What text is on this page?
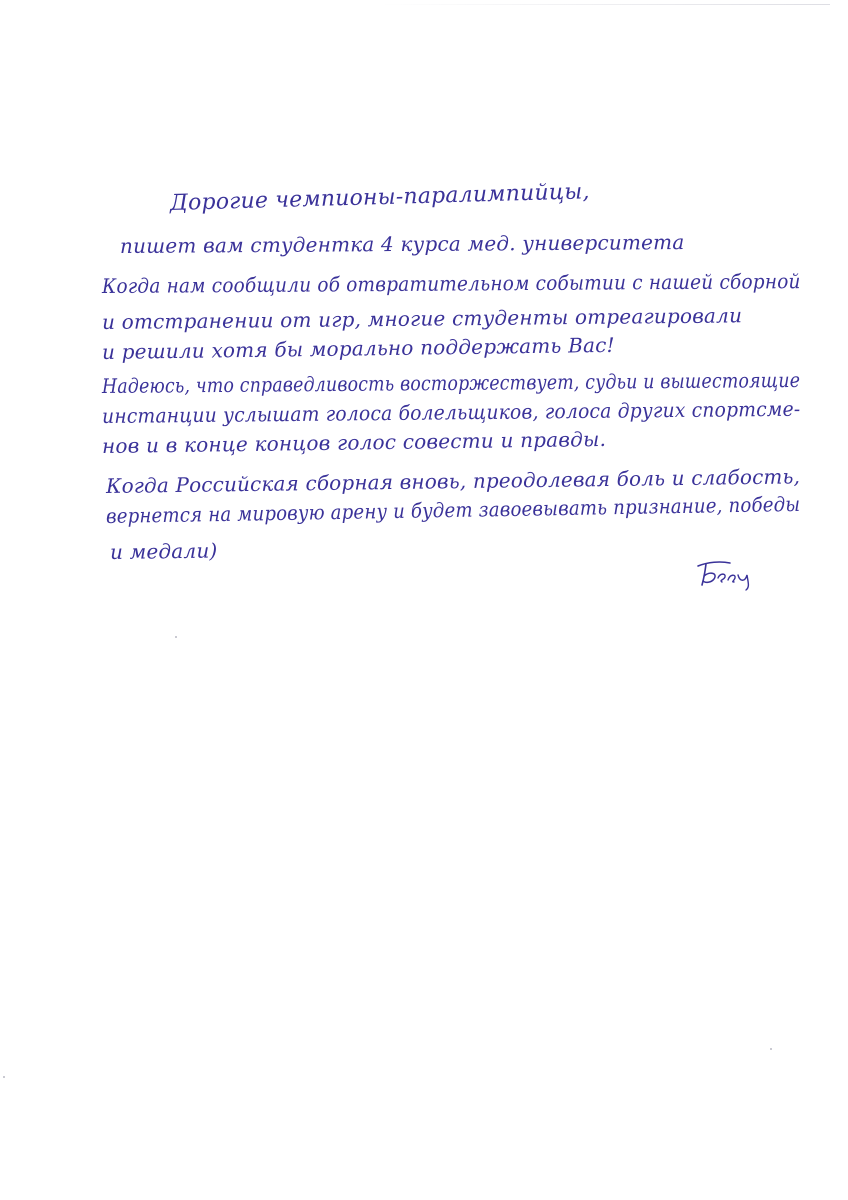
Дорогие чемпионы-паралимпийцы,

пишет вам студентка 4 курса мед. университета

Когда нам сообщили об отвратительном событии с нашей сборной

и отстранении от игр, многие студенты отреагировали

и решили хотя бы морально поддержать Вас!

Надеюсь, что справедливость восторжествует, судьи и вышестоящие

инстанции услышат голоса болельщиков, голоса других спортсме-

нов и в конце концов голос совести и правды.

Когда Российская сборная вновь, преодолевая боль и слабость,

вернется на мировую арену и будет завоевывать признание, победы

и медали)
